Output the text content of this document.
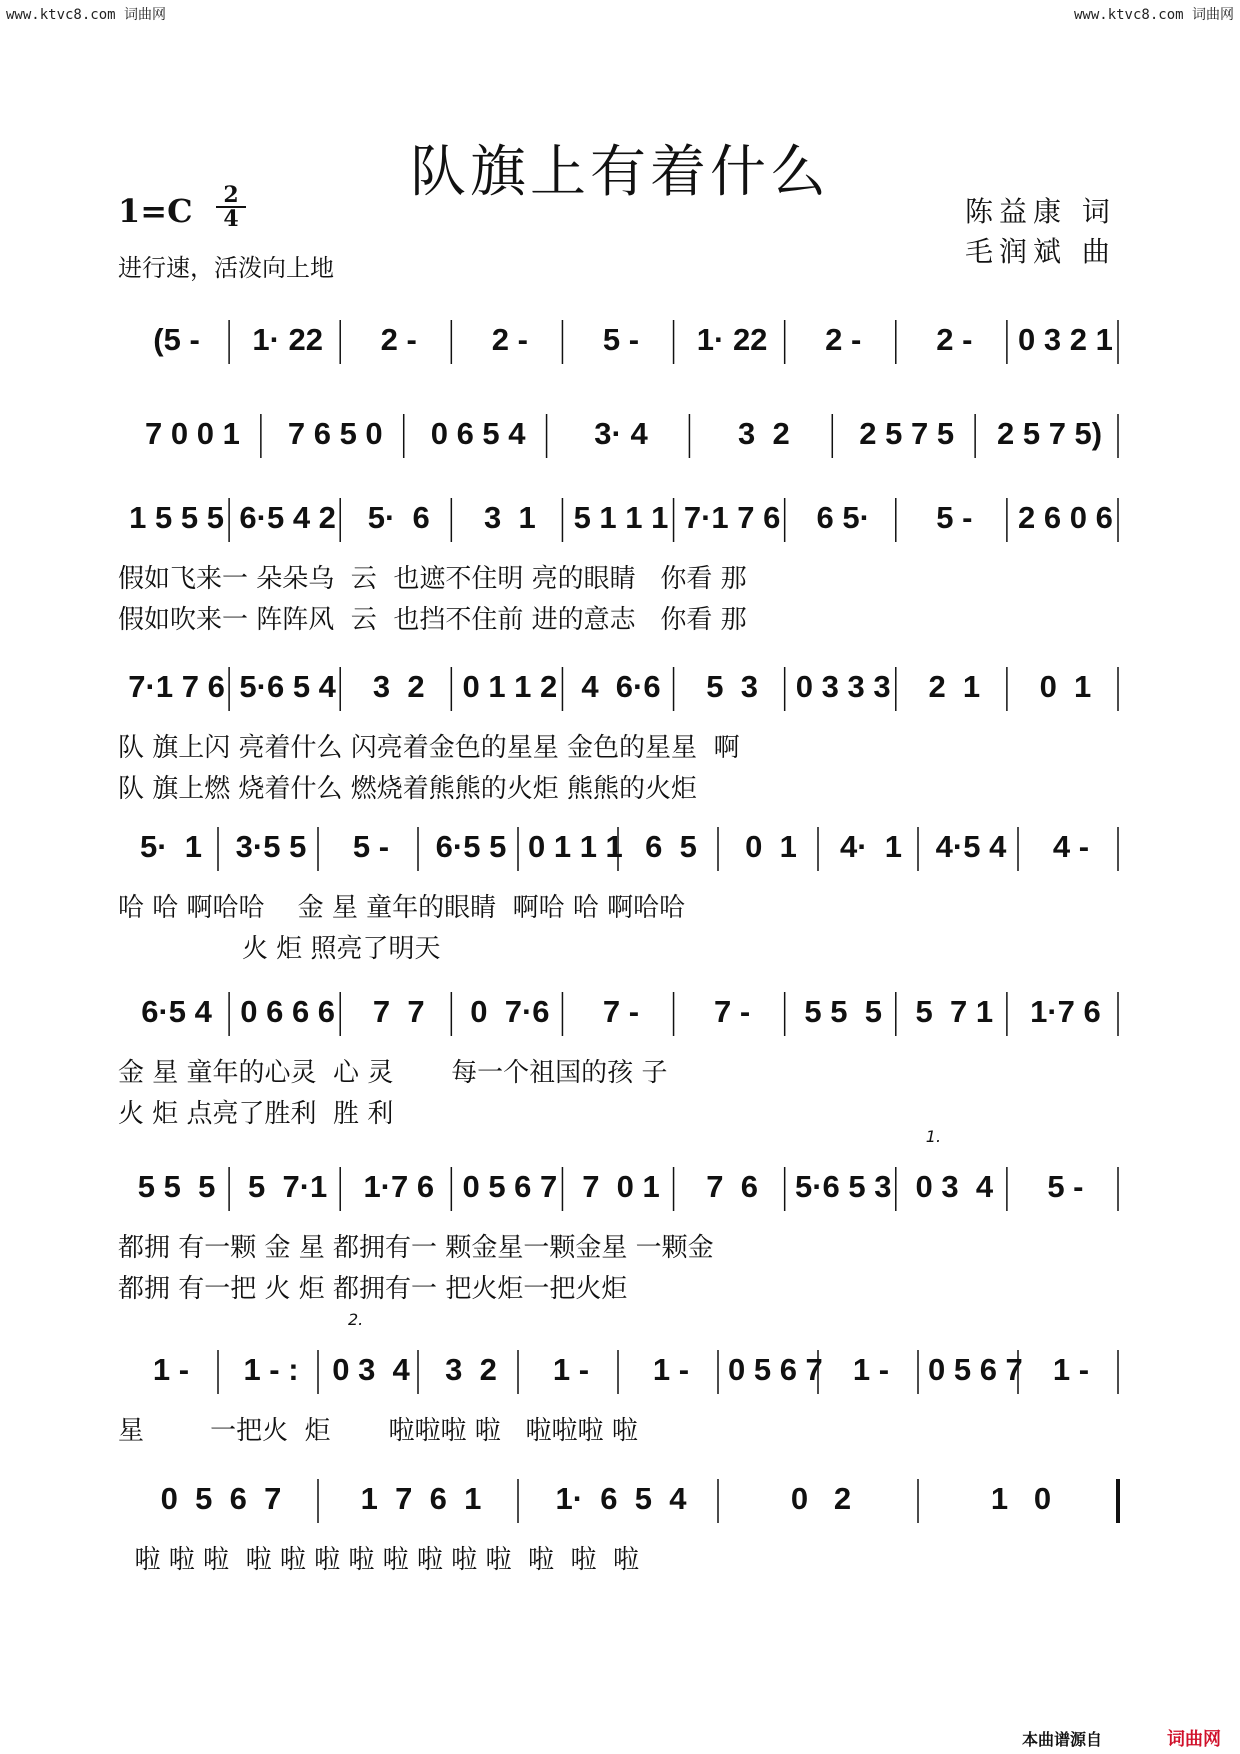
www.ktvc8.com 词曲网	www.ktvc8.com 词曲网
队旗上有着什么
1=C	2
4
进行速，活泼向上地
陈益康 词
毛润斌 曲
(5 -	1· 22	2 -	2 -	5 -	1· 22	2 -	2 -	0 3 2 1
7 0 0 1	7 6 5 0	0 6 5 4	3· 4	3  2	2 5 7 5	2 5 7 5)
1 5 5 5 6·5 4 2	5·  6	3  1	5 1 1 1 7·1 7 6	6 5·	5 -	2 6 0 6
假如飞来一 朵朵乌  云  也遮不住明 亮的眼睛   你看 那
假如吹来一 阵阵风  云  也挡不住前 进的意志   你看 那
7·1 7 6 5·6 5 4	3  2	0 1 1 2 4  6·6	5  3	0 3 3 3	2  1	0  1
队 旗上闪 亮着什么 闪亮着金色的星星 金色的星星  啊
队 旗上燃 烧着什么 燃烧着熊熊的火炬 熊熊的火炬
5·  1	3·5 5	5 -	6·5 5 0 1 1 1 6  5	0  1	4·  1	4·5 4	4 -
哈 哈 啊哈哈    金 星 童年的眼睛  啊哈 哈 啊哈哈
火 炬 照亮了明天
6·5 4 0 6 6 6	7  7	0  7·6	7 -	7 -	5 5  5	5  7 1	1·7 6
金 星 童年的心灵  心 灵       每一个祖国的孩 子
火 炬 点亮了胜利  胜 利
5 5  5	5  7·1	1·7 6 0 5 6 7 7  0 1	7  6	5·6 5 3 0 3  4	5 -
1.
都拥 有一颗 金 星 都拥有一 颗金星一颗金星 一颗金
都拥 有一把 火 炬 都拥有一 把火炬一把火炬
1 -	1 - :	0 3  4	3  2	1 -	1 -	0 5 6 7 1 -	0 5 6 7 1 -
2.
星        一把火  炬       啦啦啦 啦   啦啦啦 啦
0  5  6  7	1  7  6  1	1·  6  5  4	0   2	1   0
啦 啦 啦  啦 啦 啦 啦 啦 啦 啦 啦  啦  啦  啦
本曲谱源自	词曲网
